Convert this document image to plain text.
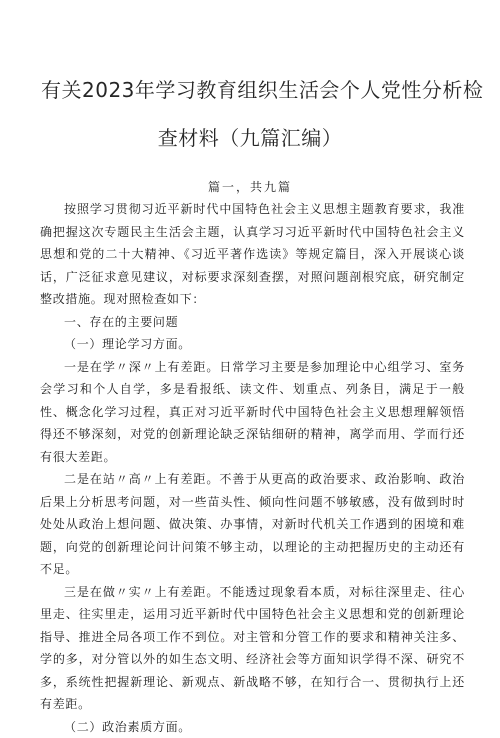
有关2023年学习教育组织生活会个人党性分析检
查材料（九篇汇编）
篇一，共九篇

按照学习贯彻习近平新时代中国特色社会主义思想主题教育要求，我准确把握这次专题民主生活会主题，认真学习习近平新时代中国特色社会主义思想和党的二十大精神、《习近平著作选读》等规定篇目，深入开展谈心谈话，广泛征求意见建议，对标要求深刻查摆，对照问题剖根究底，研究制定整改措施。现对照检查如下：

一、存在的主要问题

（一）理论学习方面。

一是在学〃深〃上有差距。日常学习主要是参加理论中心组学习、室务会学习和个人自学，多是看报纸、读文件、划重点、列条目，满足于一般性、概念化学习过程，真正对习近平新时代中国特色社会主义思想理解领悟得还不够深刻，对党的创新理论缺乏深钻细研的精神，离学而用、学而行还有很大差距。

二是在站〃高〃上有差距。不善于从更高的政治要求、政治影响、政治后果上分析思考问题，对一些苗头性、倾向性问题不够敏感，没有做到时时处处从政治上想问题、做决策、办事情，对新时代机关工作遇到的困境和难题，向党的创新理论问计问策不够主动，以理论的主动把握历史的主动还有不足。

三是在做〃实〃上有差距。不能透过现象看本质，对标往深里走、往心里走、往实里走，运用习近平新时代中国特色社会主义思想和党的创新理论指导、推进全局各项工作不到位。对主管和分管工作的要求和精神关注多、学的多，对分管以外的如生态文明、经济社会等方面知识学得不深、研究不多，系统性把握新理论、新观点、新战略不够，在知行合一、贯彻执行上还有差距。

（二）政治素质方面。
